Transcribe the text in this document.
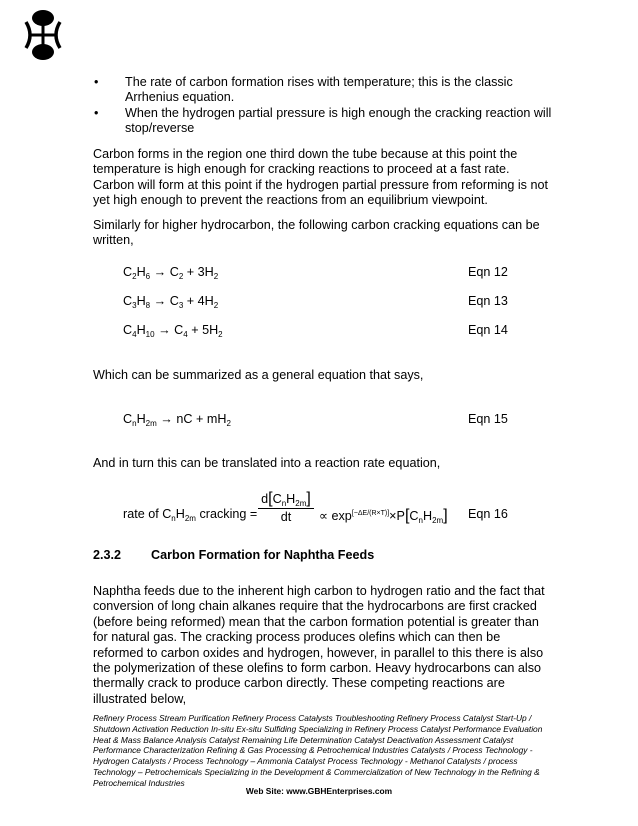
• The rate of carbon formation rises with temperature; this is the classic Arrhenius equation.
• When the hydrogen partial pressure is high enough the cracking reaction will stop/reverse
Carbon forms in the region one third down the tube because at this point the temperature is high enough for cracking reactions to proceed at a fast rate. Carbon will form at this point if the hydrogen partial pressure from reforming is not yet high enough to prevent the reactions from an equilibrium viewpoint.
Similarly for higher hydrocarbon, the following carbon cracking equations can be written,
$C_2H_6 \to C_2 + 3H_2$	Eqn 12
$C_3H_8 \to C_3 + 4H_2$	Eqn 13
$C_4H_{10} \to C_4 + 5H_2$	Eqn 14
Which can be summarized as a general equation that says,
$C_nH_{2m}$ → nC + $mH_2$	Eqn 15
And in turn this can be translated into a reaction rate equation,
rate of $C_nH_{2m}$ cracking =
$d[C_nH_{2m}]$
dt	∝ $\exp[-\Delta E/(R\times T)]\times P[C_nH_{2m}]$ Eqn 16
2.3.2 Carbon Formation for Naphtha Feeds
Naphtha feeds due to the inherent high carbon to hydrogen ratio and the fact that conversion of long chain alkanes require that the hydrocarbons are first cracked (before being reformed) mean that the carbon formation potential is greater than for natural gas. The cracking process produces olefins which can then be reformed to carbon oxides and hydrogen, however, in parallel to this there is also the polymerization of these olefins to form carbon. Heavy hydrocarbons can also thermally crack to produce carbon directly. These competing reactions are illustrated below,
Refinery Process Stream Purification Refinery Process Catalysts Troubleshooting Refinery Process Catalyst Start-Up / Shutdown Activation Reduction In-situ Ex-situ Sulfiding Specializing in Refinery Process Catalyst Performance Evaluation Heat & Mass Balance Analysis Catalyst Remaining Life Determination Catalyst Deactivation Assessment Catalyst Performance Characterization Refining & Gas Processing & Petrochemical Industries Catalysts / Process Technology - Hydrogen Catalysts / Process Technology – Ammonia Catalyst Process Technology - Methanol Catalysts / process Technology – Petrochemicals Specializing in the Development & Commercialization of New Technology in the Refining & Petrochemical Industries
Web Site: www.GBHEnterprises.com
